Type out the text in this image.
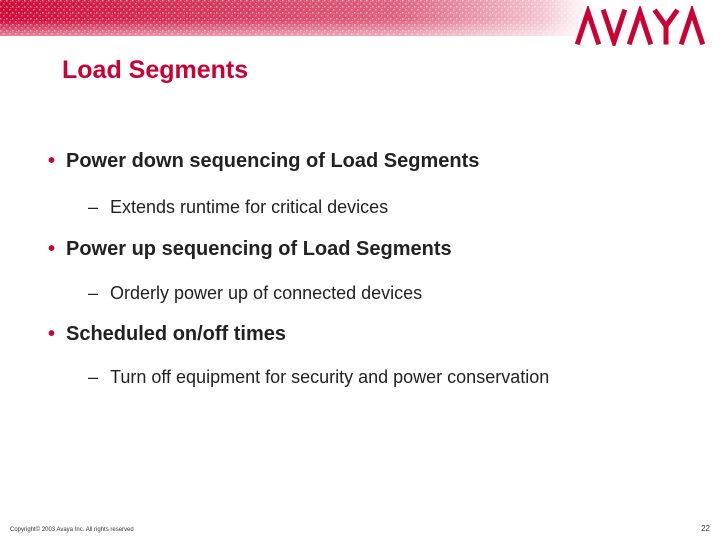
Load Segments
• Power down sequencing of Load Segments
– Extends runtime for critical devices
• Power up sequencing of Load Segments
– Orderly power up of connected devices
• Scheduled on/off times
– Turn off equipment for security and power conservation
Copyright© 2003 Avaya Inc. All rights reserved	22
